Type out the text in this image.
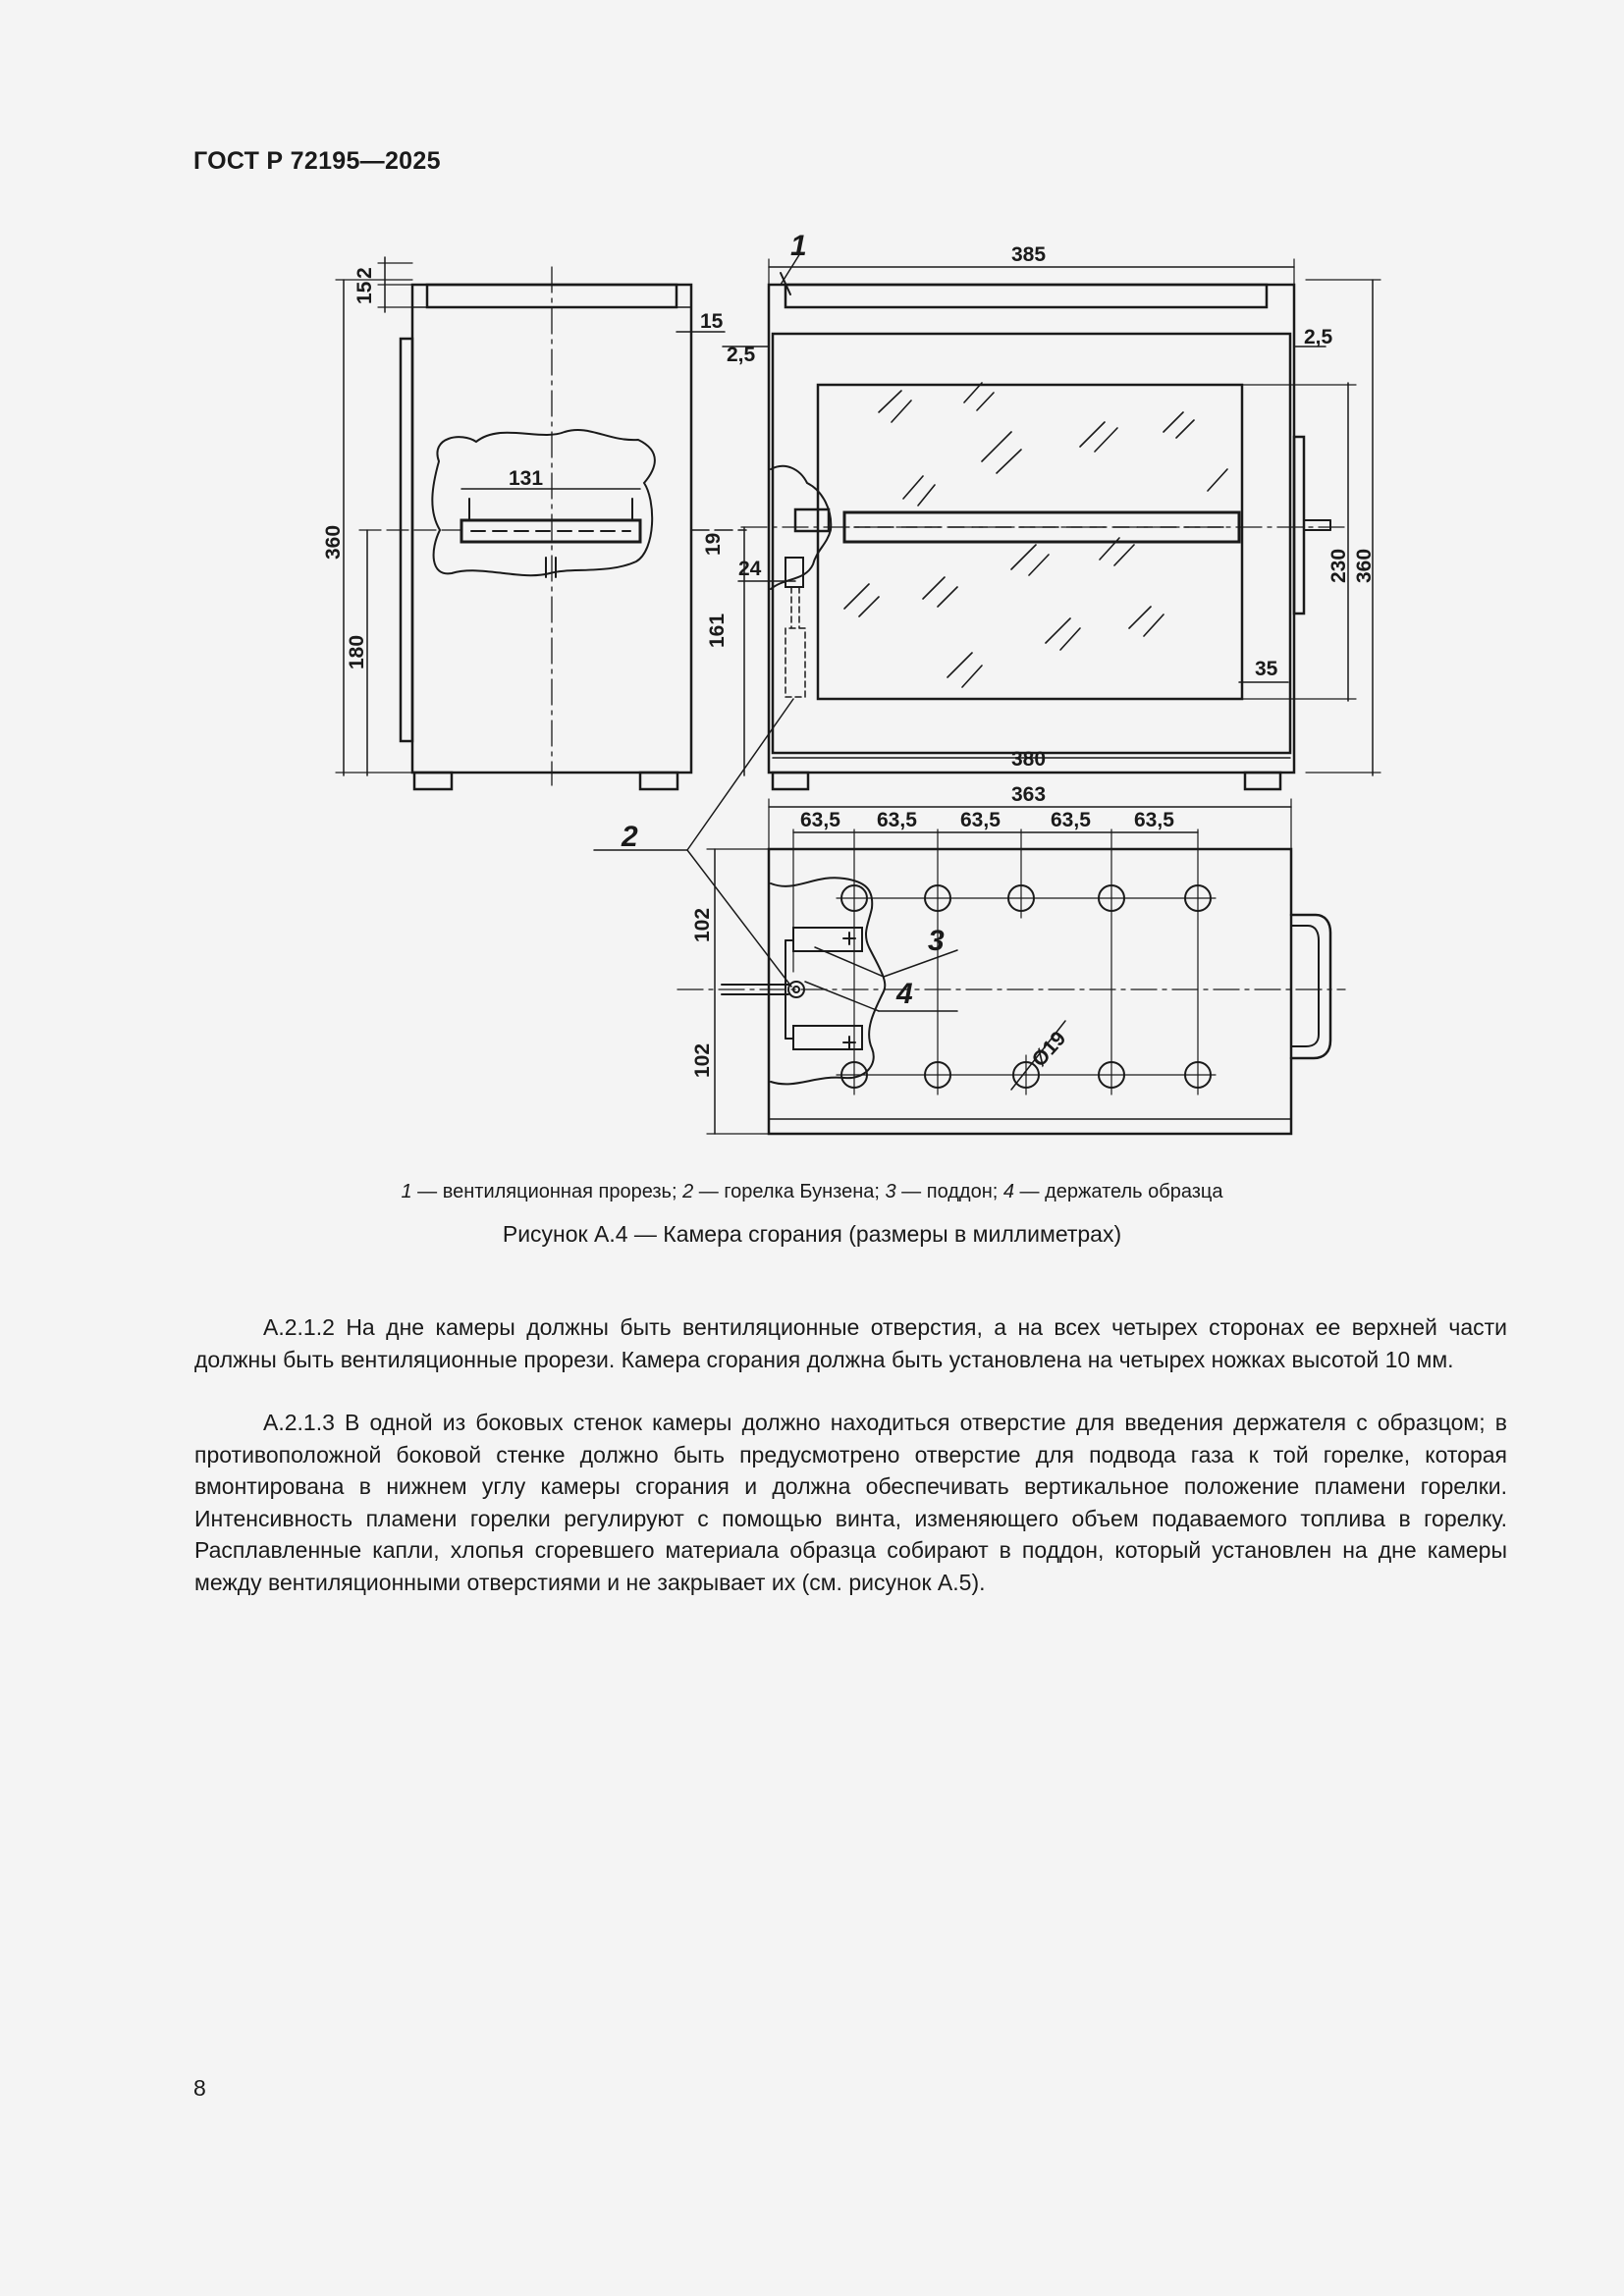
ГОСТ Р 72195—2025
385
380
363
2,5
2,5
15
131
35
24
63,5 63,5 63,5 63,5 63,5
Ø19
360
180
15
2
19
161
230 360
102
102
1
2
3
4
1 — вентиляционная прорезь; 2 — горелка Бунзена; 3 — поддон; 4 — держатель образца
Рисунок А.4 — Камера сгорания (размеры в миллиметрах)

А.2.1.2 На дне камеры должны быть вентиляционные отверстия, а на всех четырех сторонах ее верхней части должны быть вентиляционные прорези. Камера сгорания должна быть установлена на четырех ножках высотой 10 мм.

А.2.1.3 В одной из боковых стенок камеры должно находиться отверстие для введения держателя с образцом; в противоположной боковой стенке должно быть предусмотрено отверстие для подвода газа к той горелке, которая вмонтирована в нижнем углу камеры сгорания и должна обеспечивать вертикальное положение пламени горелки. Интенсивность пламени горелки регулируют с помощью винта, изменяющего объем подаваемого топлива в горелку. Расплавленные капли, хлопья сгоревшего материала образца собирают в поддон, который установлен на дне камеры между вентиляционными отверстиями и не закрывает их (см. рисунок А.5).

8
